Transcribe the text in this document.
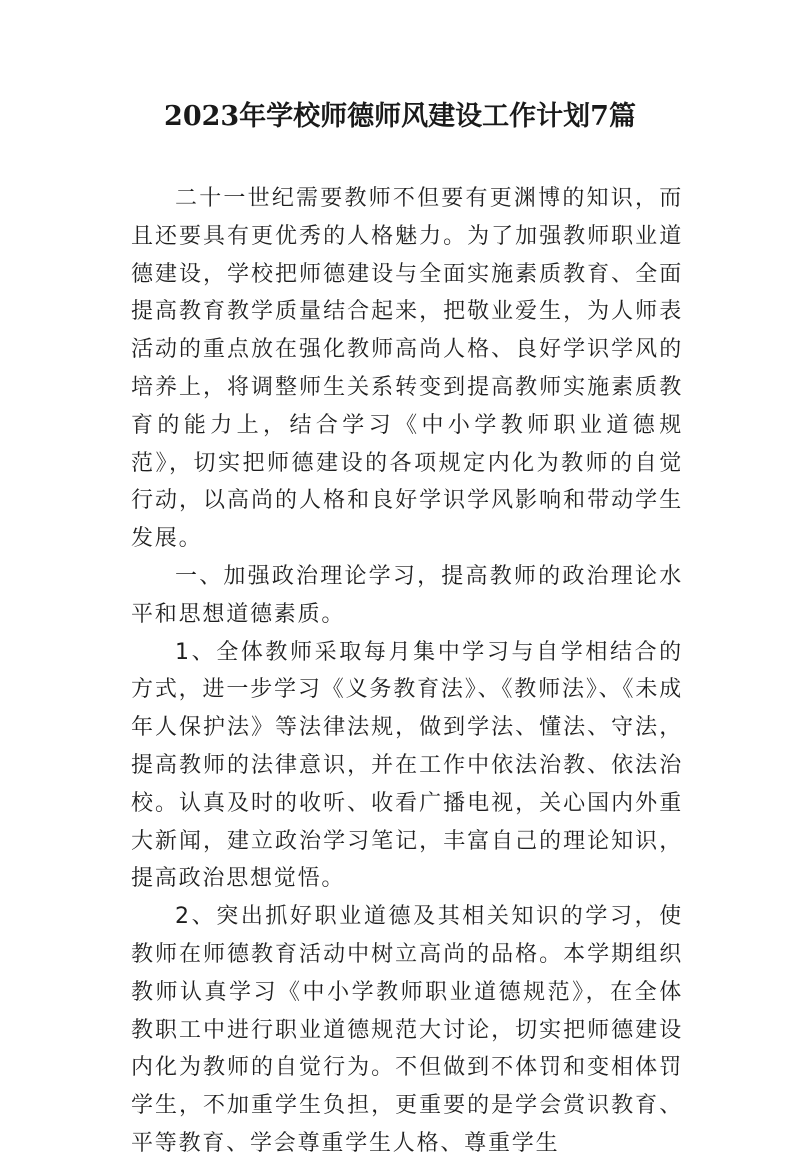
2023年学校师德师风建设工作计划7篇

二十一世纪需要教师不但要有更渊博的知识，而且还要具有更优秀的人格魅力。为了加强教师职业道德建设，学校把师德建设与全面实施素质教育、全面提高教育教学质量结合起来，把敬业爱生，为人师表活动的重点放在强化教师高尚人格、良好学识学风的培养上，将调整师生关系转变到提高教师实施素质教育的能力上，结合学习《中小学教师职业道德规范》，切实把师德建设的各项规定内化为教师的自觉行动，以高尚的人格和良好学识学风影响和带动学生发展。

一、加强政治理论学习，提高教师的政治理论水平和思想道德素质。

1、全体教师采取每月集中学习与自学相结合的方式，进一步学习《义务教育法》、《教师法》、《未成年人保护法》等法律法规，做到学法、懂法、守法，提高教师的法律意识，并在工作中依法治教、依法治校。认真及时的收听、收看广播电视，关心国内外重大新闻，建立政治学习笔记，丰富自己的理论知识，提高政治思想觉悟。

2、突出抓好职业道德及其相关知识的学习，使教师在师德教育活动中树立高尚的品格。本学期组织教师认真学习《中小学教师职业道德规范》，在全体教职工中进行职业道德规范大讨论，切实把师德建设内化为教师的自觉行为。不但做到不体罚和变相体罚学生，不加重学生负担，更重要的是学会赏识教育、平等教育、学会尊重学生人格、尊重学生
